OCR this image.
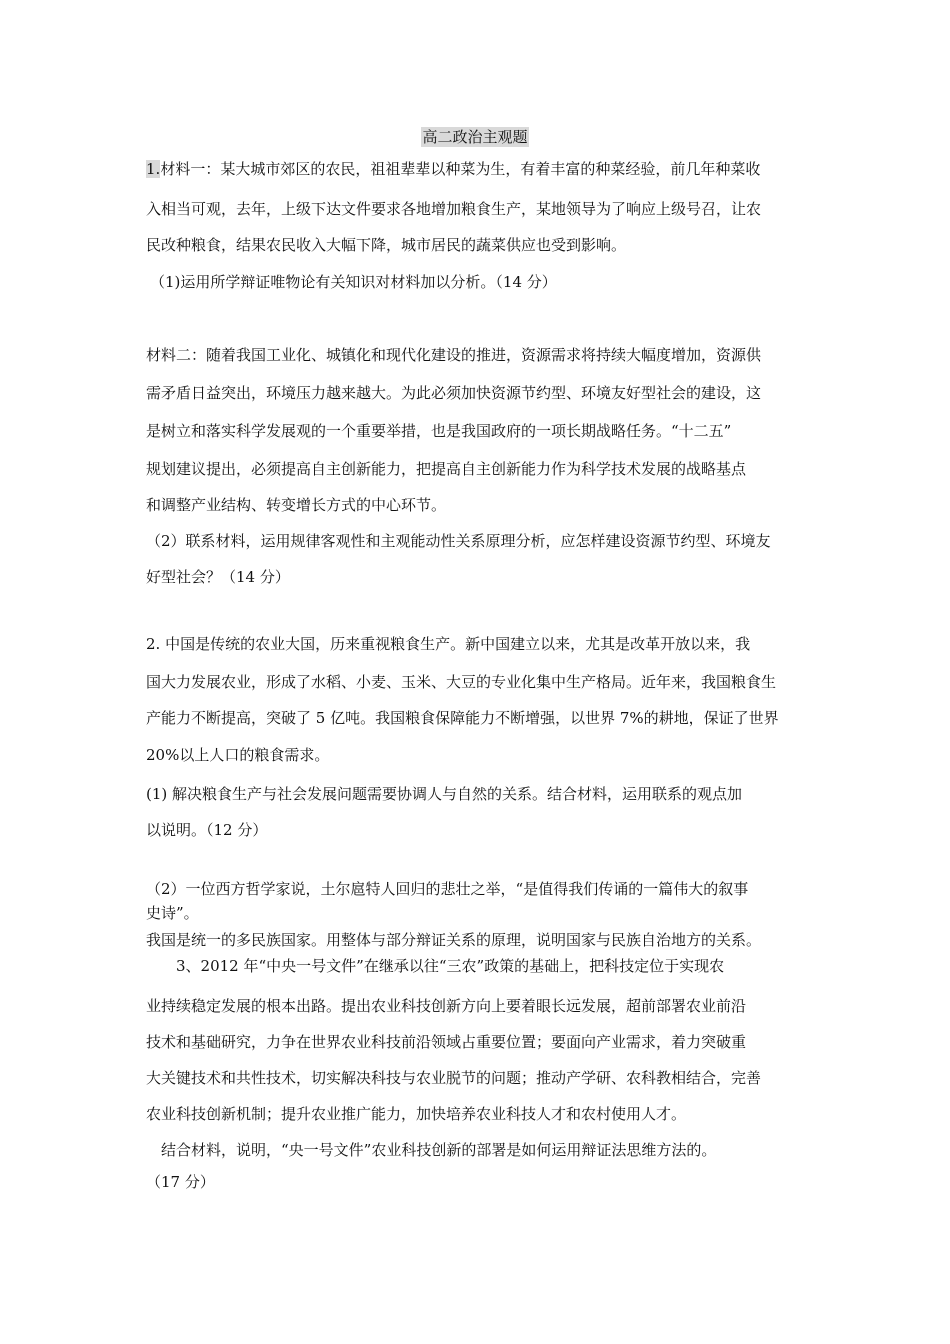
高二政治主观题
1.材料一：某大城市郊区的农民，祖祖辈辈以种菜为生，有着丰富的种菜经验，前几年种菜收
入相当可观，去年，上级下达文件要求各地增加粮食生产，某地领导为了响应上级号召，让农
民改种粮食，结果农民收入大幅下降，城市居民的蔬菜供应也受到影响。
（1)运用所学辩证唯物论有关知识对材料加以分析。（14 分）
材料二：随着我国工业化、城镇化和现代化建设的推进，资源需求将持续大幅度增加，资源供
需矛盾日益突出，环境压力越来越大。为此必须加快资源节约型、环境友好型社会的建设，这
是树立和落实科学发展观的一个重要举措，也是我国政府的一项长期战略任务。“十二五”
规划建议提出，必须提高自主创新能力，把提高自主创新能力作为科学技术发展的战略基点
和调整产业结构、转变增长方式的中心环节。
（2）联系材料，运用规律客观性和主观能动性关系原理分析，应怎样建设资源节约型、环境友
好型社会？（14 分）
2. 中国是传统的农业大国，历来重视粮食生产。新中国建立以来，尤其是改革开放以来，我
国大力发展农业，形成了水稻、小麦、玉米、大豆的专业化集中生产格局。近年来，我国粮食生
产能力不断提高，突破了 5 亿吨。我国粮食保障能力不断增强，以世界 7%的耕地，保证了世界
20%以上人口的粮食需求。
(1) 解决粮食生产与社会发展问题需要协调人与自然的关系。结合材料，运用联系的观点加
以说明。（12 分）
（2）一位西方哲学家说，土尔扈特人回归的悲壮之举，“是值得我们传诵的一篇伟大的叙事
史诗”。
我国是统一的多民族国家。用整体与部分辩证关系的原理，说明国家与民族自治地方的关系。
　　3、2012 年“中央一号文件”在继承以往“三农”政策的基础上，把科技定位于实现农
业持续稳定发展的根本出路。提出农业科技创新方向上要着眼长远发展，超前部署农业前沿
技术和基础研究，力争在世界农业科技前沿领域占重要位置；要面向产业需求，着力突破重
大关键技术和共性技术，切实解决科技与农业脱节的问题；推动产学研、农科教相结合，完善
农业科技创新机制；提升农业推广能力，加快培养农业科技人才和农村使用人才。
　结合材料，说明，“央一号文件”农业科技创新的部署是如何运用辩证法思维方法的。
（17 分）
